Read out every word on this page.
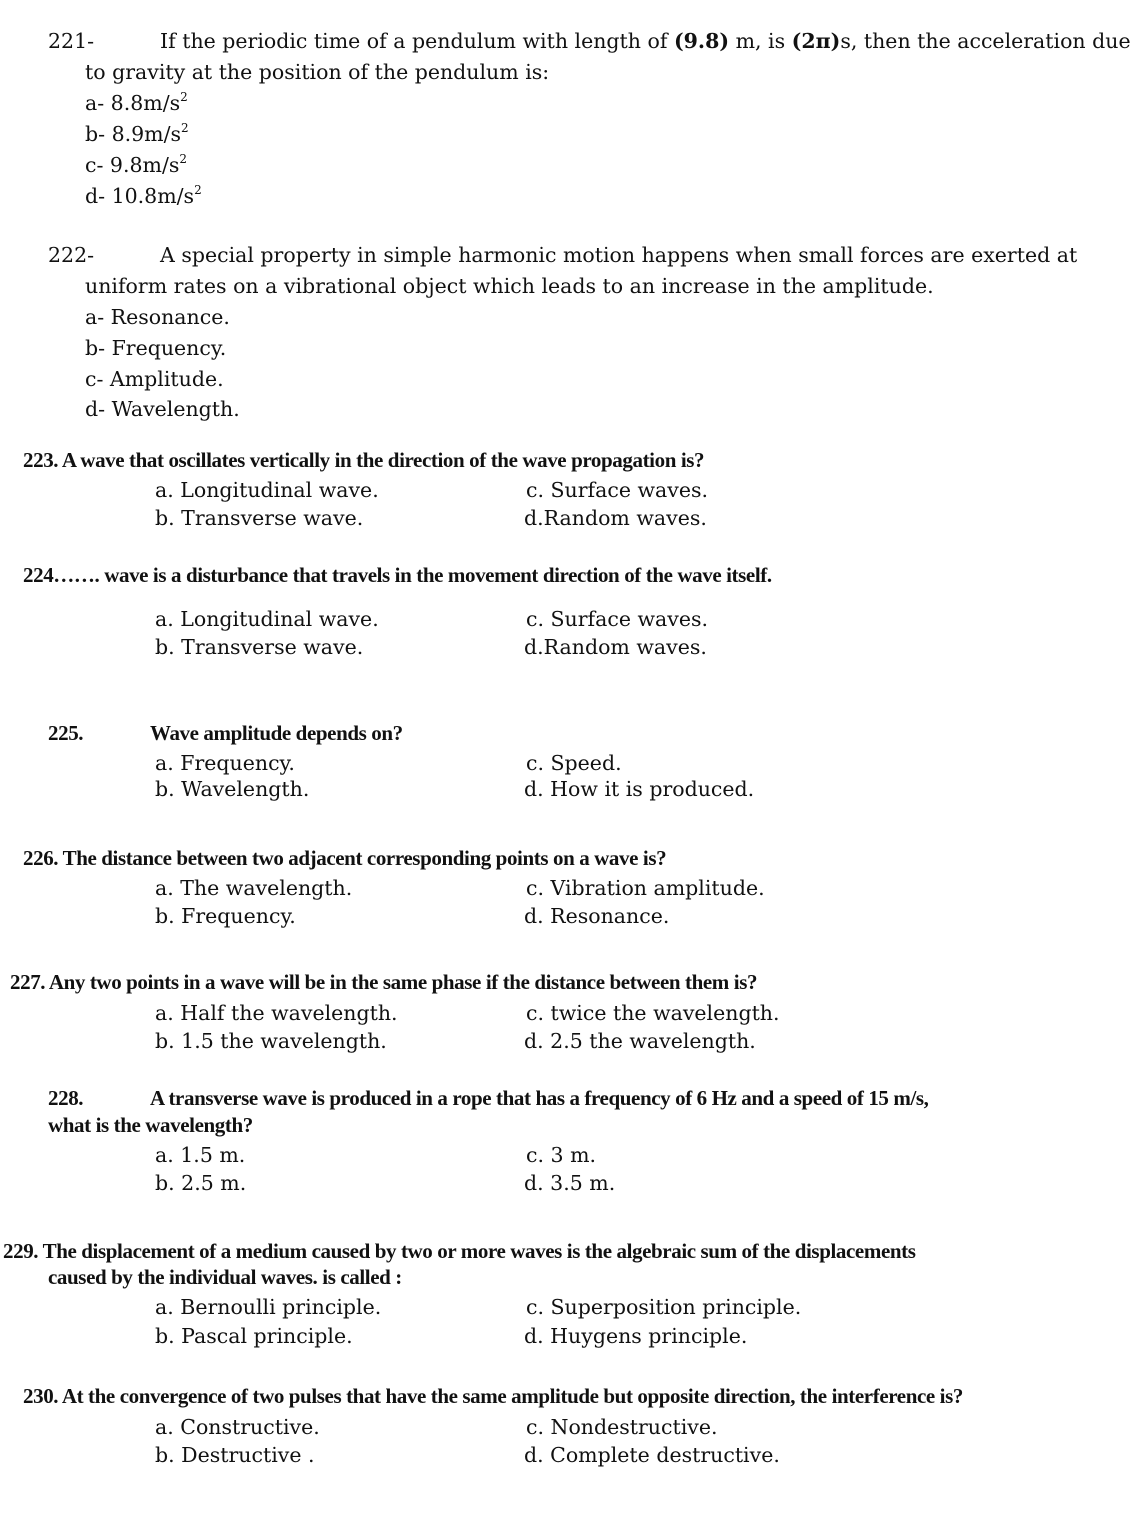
221-	If the periodic time of a pendulum with length of (9.8) m, is (2π)s, then the acceleration due
to gravity at the position of the pendulum is:
a- $8.8m/s^2$
b- $8.9m/s^2$
c- $9.8m/s^2$
d- $10.8m/s^2$
222-	A special property in simple harmonic motion happens when small forces are exerted at
uniform rates on a vibrational object which leads to an increase in the amplitude.
a- Resonance.
b- Frequency.
c- Amplitude.
d- Wavelength.
223. A wave that oscillates vertically in the direction of the wave propagation is?
a. Longitudinal wave.
b. Transverse wave.
c. Surface waves.
d.Random waves.
224……. wave is a disturbance that travels in the movement direction of the wave itself.
a. Longitudinal wave.
b. Transverse wave.
c. Surface waves.
d.Random waves.
225.	Wave amplitude depends on?
a. Frequency.
b. Wavelength.
c. Speed.
d. How it is produced.
226. The distance between two adjacent corresponding points on a wave is?
a. The wavelength.
b. Frequency.
c. Vibration amplitude.
d. Resonance.
227. Any two points in a wave will be in the same phase if the distance between them is?
a. Half the wavelength.
b. 1.5 the wavelength.
c. twice the wavelength.
d. 2.5 the wavelength.
228.	A transverse wave is produced in a rope that has a frequency of 6 Hz and a speed of 15 m/s,
what is the wavelength?
a. 1.5 m.
b. 2.5 m.
c. 3 m.
d. 3.5 m.
229. The displacement of a medium caused by two or more waves is the algebraic sum of the displacements
caused by the individual waves. is called :
a. Bernoulli principle.
b. Pascal principle.
c. Superposition principle.
d. Huygens principle.
230. At the convergence of two pulses that have the same amplitude but opposite direction, the interference is?
a. Constructive.
b. Destructive .
c. Nondestructive.
d. Complete destructive.
